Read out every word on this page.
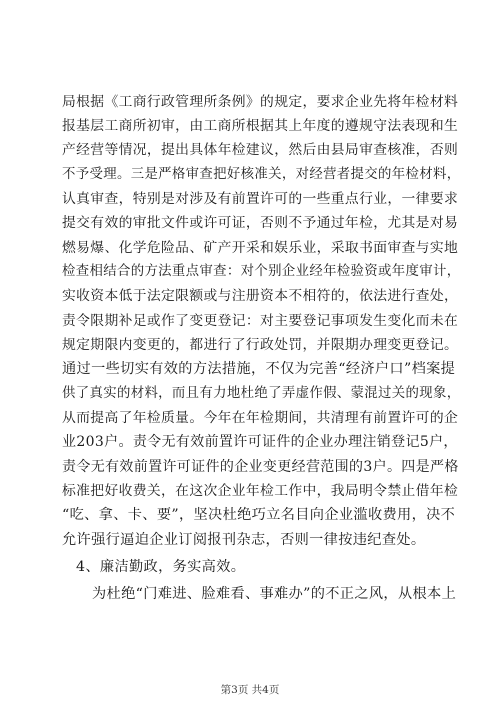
局根据《工商行政管理所条例》的规定，要求企业先将年检材料
报基层工商所初审，由工商所根据其上年度的遵规守法表现和生
产经营等情况，提出具体年检建议，然后由县局审查核准，否则
不予受理。三是严格审查把好核准关，对经营者提交的年检材料，
认真审查，特别是对涉及有前置许可的一些重点行业，一律要求
提交有效的审批文件或许可证，否则不予通过年检，尤其是对易
燃易爆、化学危险品、矿产开采和娱乐业，采取书面审查与实地
检查相结合的方法重点审查：对个别企业经年检验资或年度审计，
实收资本低于法定限额或与注册资本不相符的，依法进行查处，
责令限期补足或作了变更登记：对主要登记事项发生变化而未在
规定期限内变更的，都进行了行政处罚，并限期办理变更登记。
通过一些切实有效的方法措施，不仅为完善“经济户口”档案提
供了真实的材料，而且有力地杜绝了弄虚作假、蒙混过关的现象，
从而提高了年检质量。今年在年检期间，共清理有前置许可的企
业203户。责令无有效前置许可证件的企业办理注销登记5户，
责令无有效前置许可证件的企业变更经营范围的3户。四是严格
标准把好收费关，在这次企业年检工作中，我局明令禁止借年检
“吃、拿、卡、要”，坚决杜绝巧立名目向企业滥收费用，决不
允许强行逼迫企业订阅报刊杂志，否则一律按违纪查处。
4、廉洁勤政，务实高效。
为杜绝“门难进、脸难看、事难办”的不正之风，从根本上
第3页 共4页
